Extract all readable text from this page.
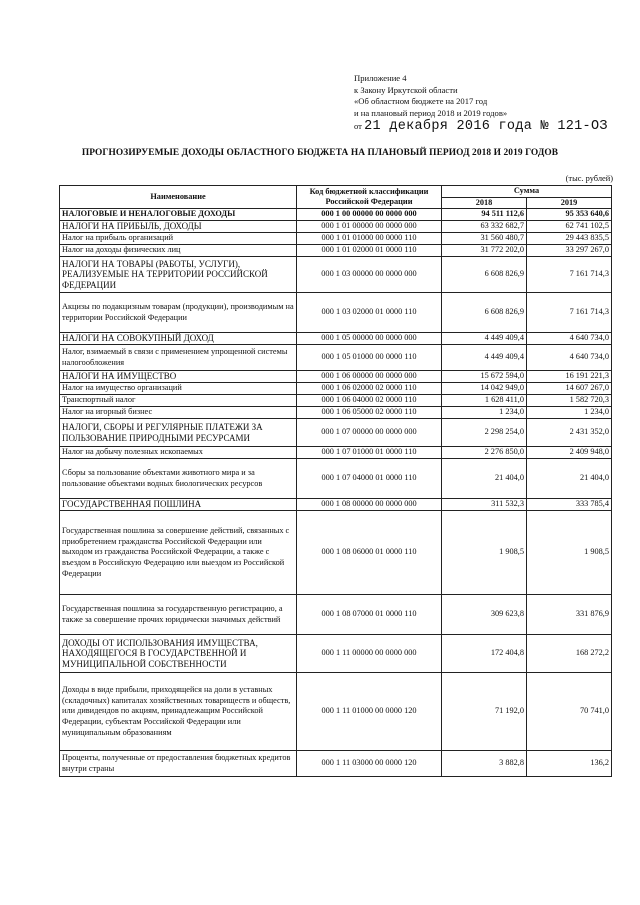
Приложение 4
к Закону Иркутской области
«Об областном бюджете на 2017 год
и на плановый период 2018 и 2019 годов»
от 21 декабря 2016 года № 121-ОЗ
ПРОГНОЗИРУЕМЫЕ ДОХОДЫ ОБЛАСТНОГО БЮДЖЕТА НА ПЛАНОВЫЙ ПЕРИОД 2018 И 2019 ГОДОВ
(тыс. рублей)
Наименование	Код бюджетной классификации Российской Федерации	Сумма	
		2018	2019
НАЛОГОВЫЕ И НЕНАЛОГОВЫЕ ДОХОДЫ	000 1 00 00000 00 0000 000	94 511 112,6	95 353 640,6
НАЛОГИ НА ПРИБЫЛЬ, ДОХОДЫ	000 1 01 00000 00 0000 000	63 332 682,7	62 741 102,5
Налог на прибыль организаций	000 1 01 01000 00 0000 110	31 560 480,7	29 443 835,5
Налог на доходы физических лиц	000 1 01 02000 01 0000 110	31 772 202,0	33 297 267,0
НАЛОГИ НА ТОВАРЫ (РАБОТЫ, УСЛУГИ), РЕАЛИЗУЕМЫЕ НА ТЕРРИТОРИИ РОССИЙСКОЙ ФЕДЕРАЦИИ	000 1 03 00000 00 0000 000	6 608 826,9	7 161 714,3
Акцизы по подакцизным товарам (продукции), производимым на территории Российской Федерации	000 1 03 02000 01 0000 110	6 608 826,9	7 161 714,3
НАЛОГИ НА СОВОКУПНЫЙ ДОХОД	000 1 05 00000 00 0000 000	4 449 409,4	4 640 734,0
Налог, взимаемый в связи с применением упрощенной системы налогообложения	000 1 05 01000 00 0000 110	4 449 409,4	4 640 734,0
НАЛОГИ НА ИМУЩЕСТВО	000 1 06 00000 00 0000 000	15 672 594,0	16 191 221,3
Налог на имущество организаций	000 1 06 02000 02 0000 110	14 042 949,0	14 607 267,0
Транспортный налог	000 1 06 04000 02 0000 110	1 628 411,0	1 582 720,3
Налог на игорный бизнес	000 1 06 05000 02 0000 110	1 234,0	1 234,0
НАЛОГИ, СБОРЫ И РЕГУЛЯРНЫЕ ПЛАТЕЖИ ЗА ПОЛЬЗОВАНИЕ ПРИРОДНЫМИ РЕСУРСАМИ	000 1 07 00000 00 0000 000	2 298 254,0	2 431 352,0
Налог на добычу полезных ископаемых	000 1 07 01000 01 0000 110	2 276 850,0	2 409 948,0
Сборы за пользование объектами животного мира и за пользование объектами водных биологических ресурсов	000 1 07 04000 01 0000 110	21 404,0	21 404,0
ГОСУДАРСТВЕННАЯ ПОШЛИНА	000 1 08 00000 00 0000 000	311 532,3	333 785,4
Государственная пошлина за совершение действий, связанных с приобретением гражданства Российской Федерации или выходом из гражданства Российской Федерации, а также с въездом в Российскую Федерацию или выездом из Российской Федерации	000 1 08 06000 01 0000 110	1 908,5	1 908,5
Государственная пошлина за государственную регистрацию, а также за совершение прочих юридически значимых действий	000 1 08 07000 01 0000 110	309 623,8	331 876,9
ДОХОДЫ ОТ ИСПОЛЬЗОВАНИЯ ИМУЩЕСТВА, НАХОДЯЩЕГОСЯ В ГОСУДАРСТВЕННОЙ И МУНИЦИПАЛЬНОЙ СОБСТВЕННОСТИ	000 1 11 00000 00 0000 000	172 404,8	168 272,2
Доходы в виде прибыли, приходящейся на доли в уставных (складочных) капиталах хозяйственных товариществ и обществ, или дивидендов по акциям, принадлежащим Российской Федерации, субъектам Российской Федерации или муниципальным образованиям	000 1 11 01000 00 0000 120	71 192,0	70 741,0
Проценты, полученные от предоставления бюджетных кредитов внутри страны	000 1 11 03000 00 0000 120	3 882,8	136,2
